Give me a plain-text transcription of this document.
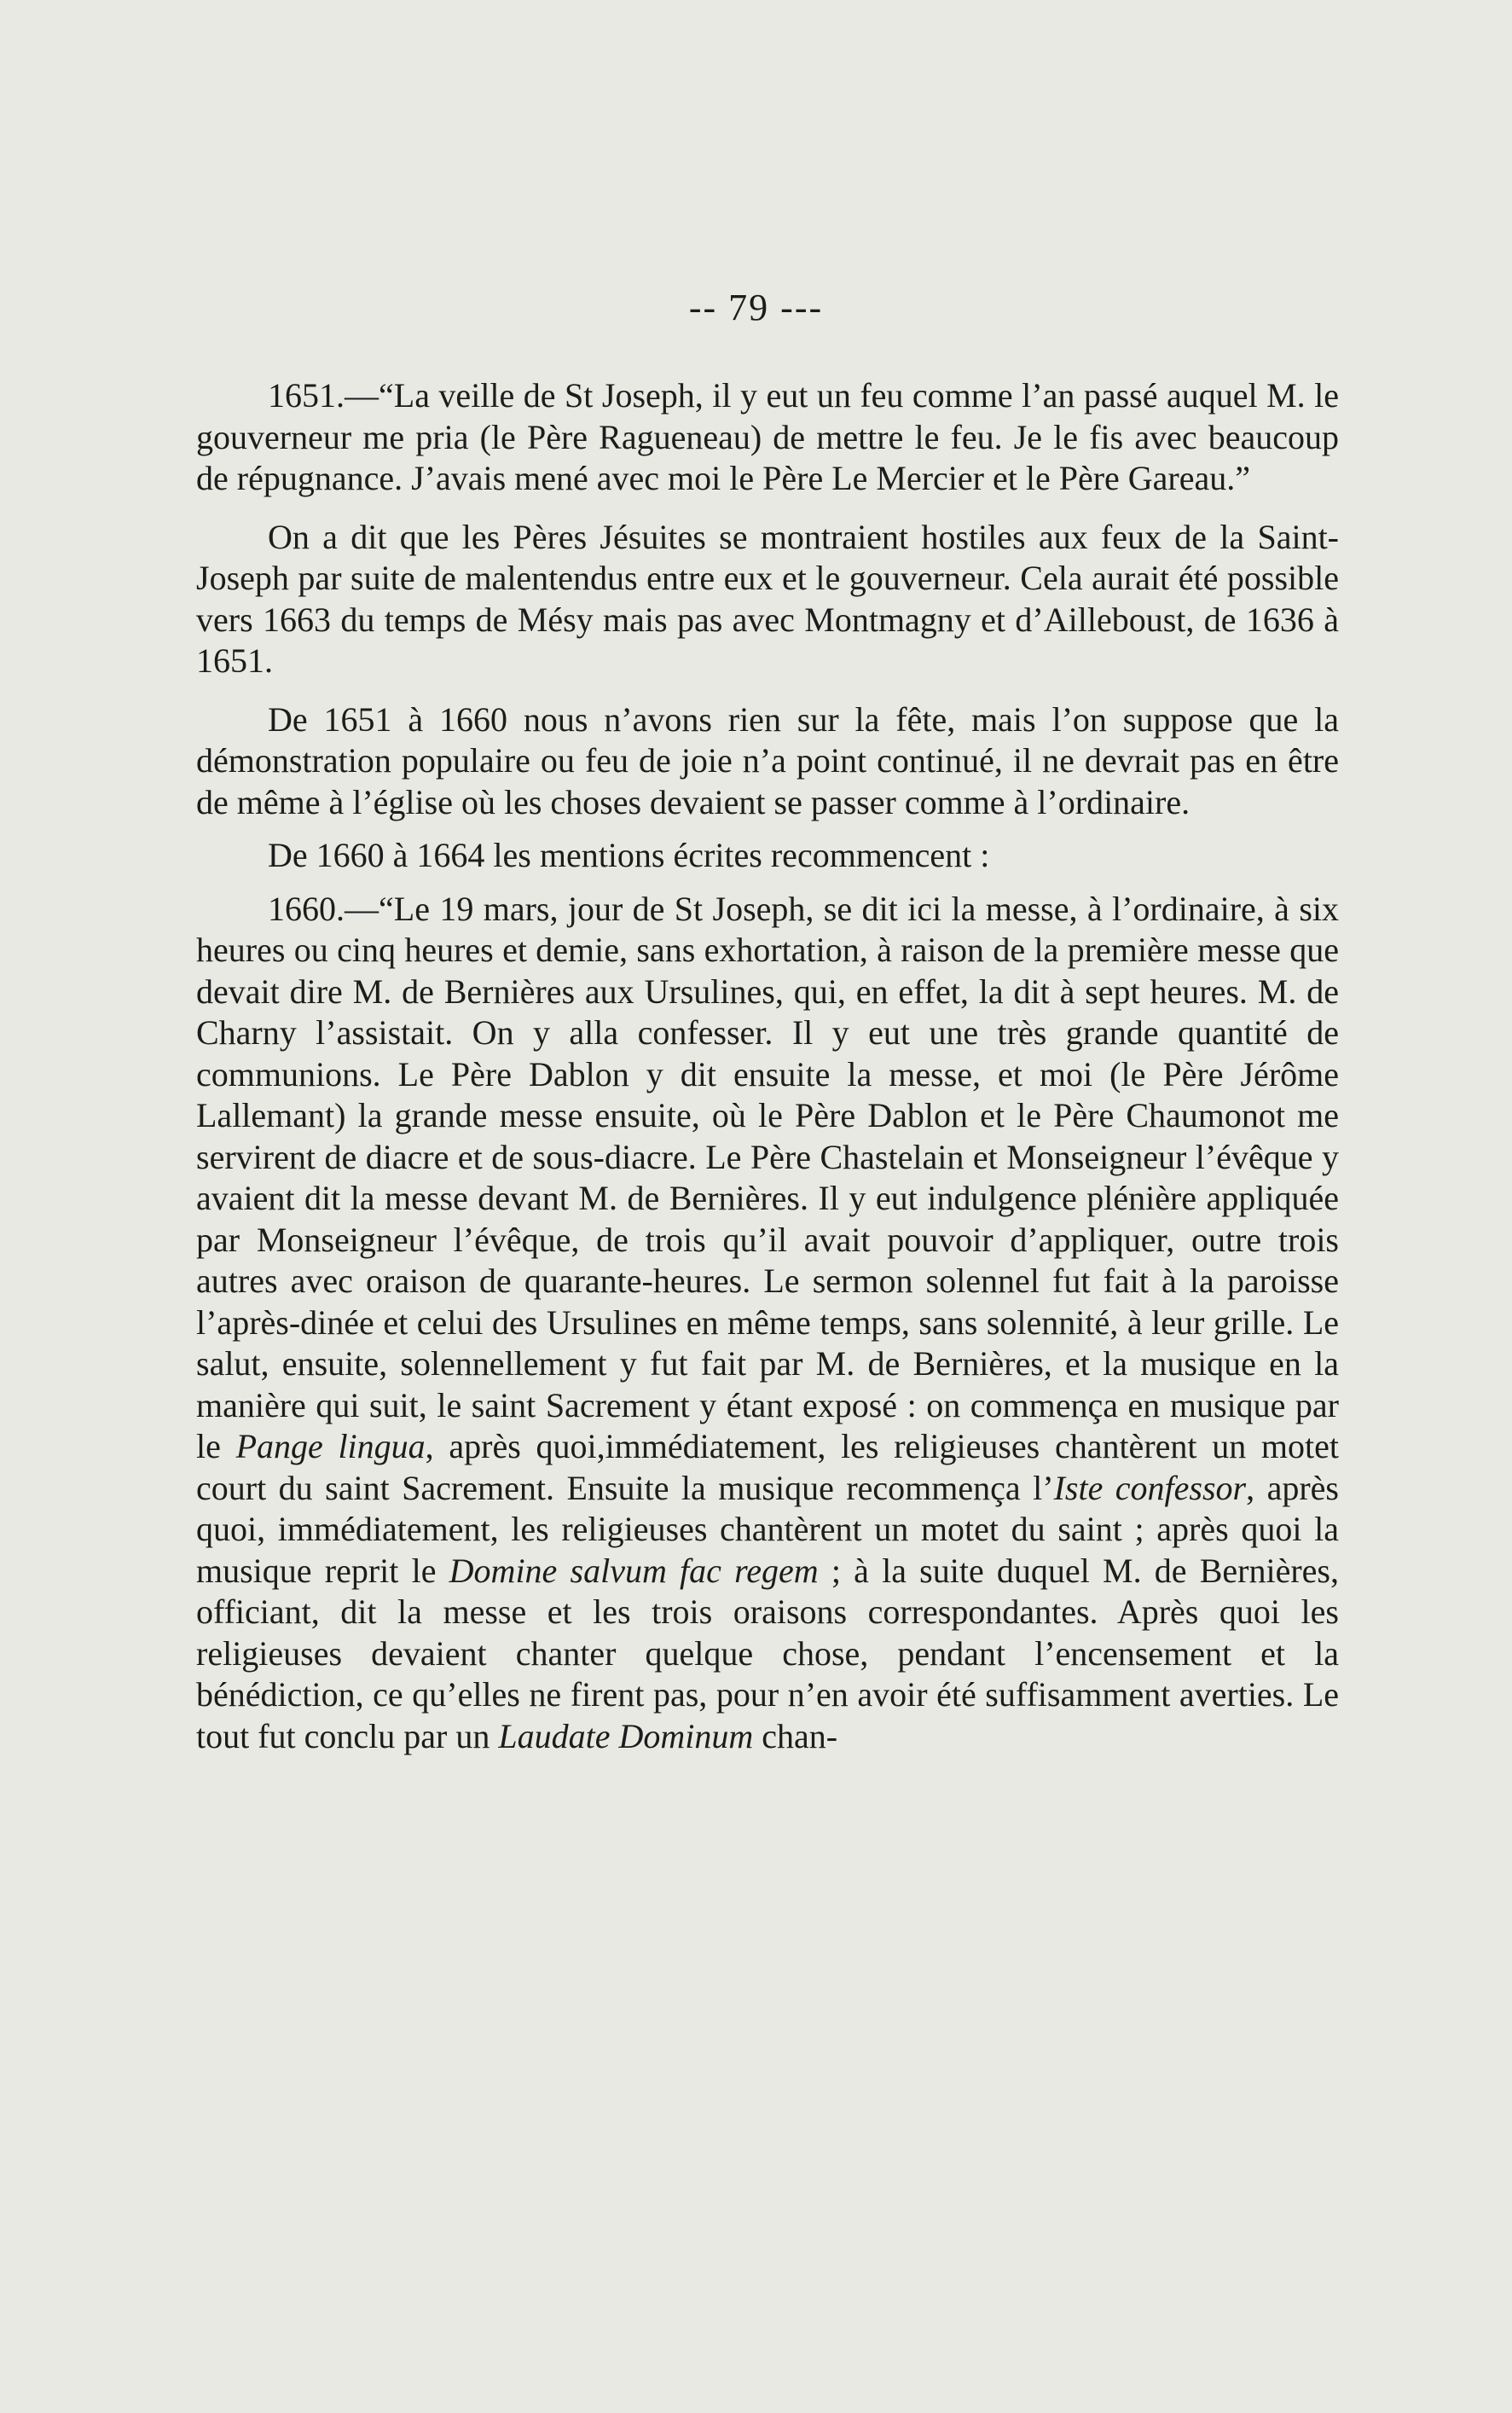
-- 79 ---

1651.—“La veille de St Joseph, il y eut un feu comme l’an passé auquel M. le gouverneur me pria (le Père Ragueneau) de mettre le feu. Je le fis avec beaucoup de répugnance. J’avais mené avec moi le Père Le Mercier et le Père Gareau.”

On a dit que les Pères Jésuites se montraient hostiles aux feux de la Saint-Joseph par suite de malentendus entre eux et le gouverneur. Cela aurait été possible vers 1663 du temps de Mésy mais pas avec Montmagny et d’Ailleboust, de 1636 à 1651.

De 1651 à 1660 nous n’avons rien sur la fête, mais l’on suppose que la démonstration populaire ou feu de joie n’a point continué, il ne devrait pas en être de même à l’église où les choses devaient se passer comme à l’ordinaire.

De 1660 à 1664 les mentions écrites recommencent :

1660.—“Le 19 mars, jour de St Joseph, se dit ici la messe, à l’ordinaire, à six heures ou cinq heures et demie, sans exhortation, à raison de la première messe que devait dire M. de Bernières aux Ursulines, qui, en effet, la dit à sept heures. M. de Charny l’assistait. On y alla confesser. Il y eut une très grande quantité de communions. Le Père Dablon y dit ensuite la messe, et moi (le Père Jérôme Lallemant) la grande messe ensuite, où le Père Dablon et le Père Chaumonot me servirent de diacre et de sous-diacre. Le Père Chastelain et Monseigneur l’évêque y avaient dit la messe devant M. de Bernières. Il y eut indulgence plénière appliquée par Monseigneur l’évêque, de trois qu’il avait pouvoir d’appliquer, outre trois autres avec oraison de quarante-heures. Le sermon solennel fut fait à la paroisse l’après-dinée et celui des Ursulines en même temps, sans solennité, à leur grille. Le salut, ensuite, solennellement y fut fait par M. de Bernières, et la musique en la manière qui suit, le saint Sacrement y étant exposé : on commença en musique par le Pange lingua, après quoi,immédiatement, les religieuses chantèrent un motet court du saint Sacrement. Ensuite la musique recommença l’Iste confessor, après quoi, immédiatement, les religieuses chantèrent un motet du saint ; après quoi la musique reprit le Domine salvum fac regem ; à la suite duquel M. de Bernières, officiant, dit la messe et les trois oraisons correspondantes. Après quoi les religieuses devaient chanter quelque chose, pendant l’encensement et la bénédiction, ce qu’elles ne firent pas, pour n’en avoir été suffisamment averties. Le tout fut conclu par un Laudate Dominum chan-
